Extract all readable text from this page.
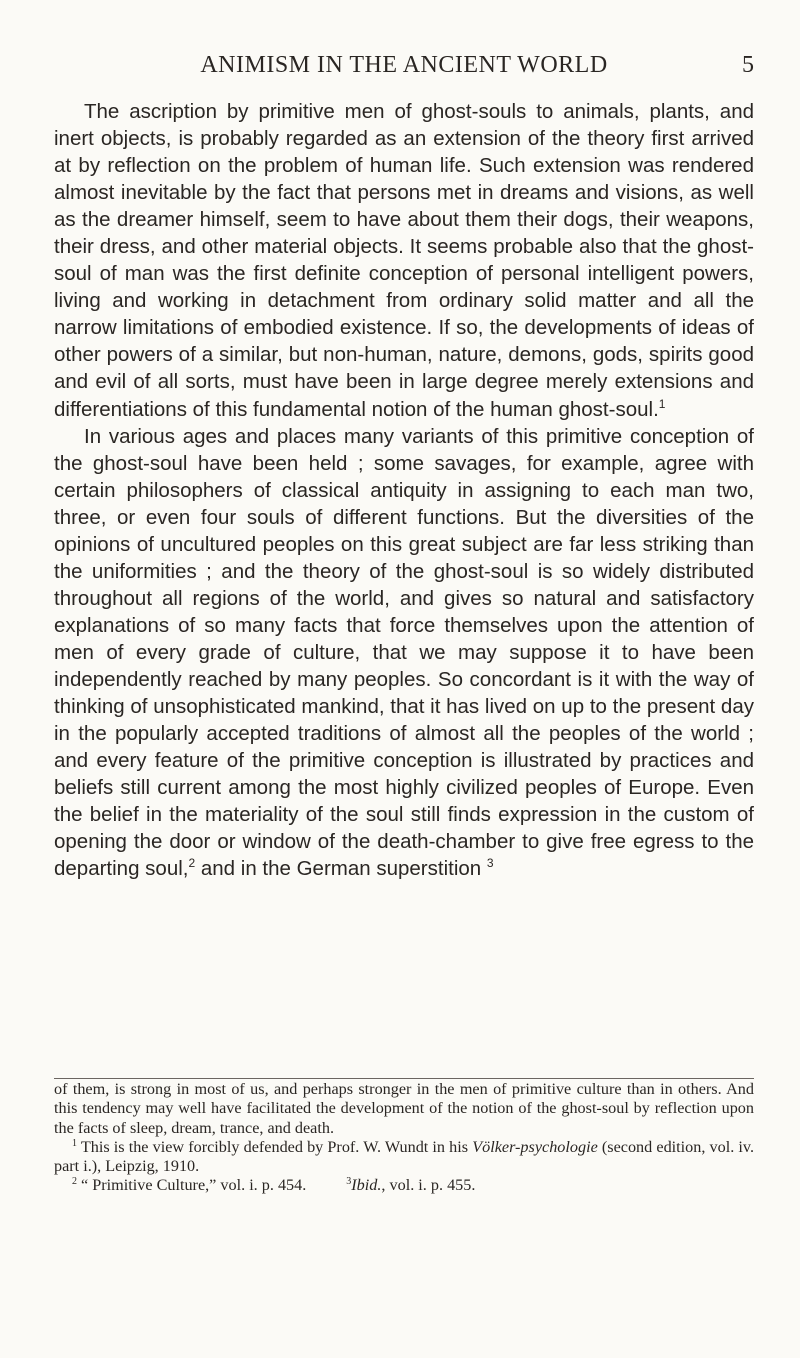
ANIMISM IN THE ANCIENT WORLD	5

The ascription by primitive men of ghost-souls to animals, plants, and inert objects, is probably regarded as an extension of the theory first arrived at by reflection on the problem of human life. Such extension was rendered almost inevitable by the fact that persons met in dreams and visions, as well as the dreamer himself, seem to have about them their dogs, their weapons, their dress, and other material objects. It seems probable also that the ghost-soul of man was the first definite conception of personal intelligent powers, living and working in detachment from ordinary solid matter and all the narrow limitations of embodied existence. If so, the developments of ideas of other powers of a similar, but non-human, nature, demons, gods, spirits good and evil of all sorts, must have been in large degree merely extensions and differentiations of this fundamental notion of the human ghost-soul.$^1$

In various ages and places many variants of this primitive conception of the ghost-soul have been held ; some savages, for example, agree with certain philosophers of classical antiquity in assigning to each man two, three, or even four souls of different functions. But the diversities of the opinions of uncultured peoples on this great subject are far less striking than the uniformities ; and the theory of the ghost-soul is so widely distributed throughout all regions of the world, and gives so natural and satisfactory explanations of so many facts that force themselves upon the attention of men of every grade of culture, that we may suppose it to have been independently reached by many peoples. So concordant is it with the way of thinking of unsophisticated mankind, that it has lived on up to the present day in the popularly accepted traditions of almost all the peoples of the world ; and every feature of the primitive conception is illustrated by practices and beliefs still current among the most highly civilized peoples of Europe. Even the belief in the materiality of the soul still finds expression in the custom of opening the door or window of the death-chamber to give free egress to the departing soul,$^2$ and in the German superstition $^3$

of them, is strong in most of us, and perhaps stronger in the men of primitive culture than in others. And this tendency may well have facilitated the development of the notion of the ghost-soul by reflection upon the facts of sleep, dream, trance, and death.

$^1$ This is the view forcibly defended by Prof. W. Wundt in his Völker-psychologie (second edition, vol. iv. part i.), Leipzig, 1910.

$^2$ “ Primitive Culture,” vol. i. p. 454.	$^3$Ibid., vol. i. p. 455.
